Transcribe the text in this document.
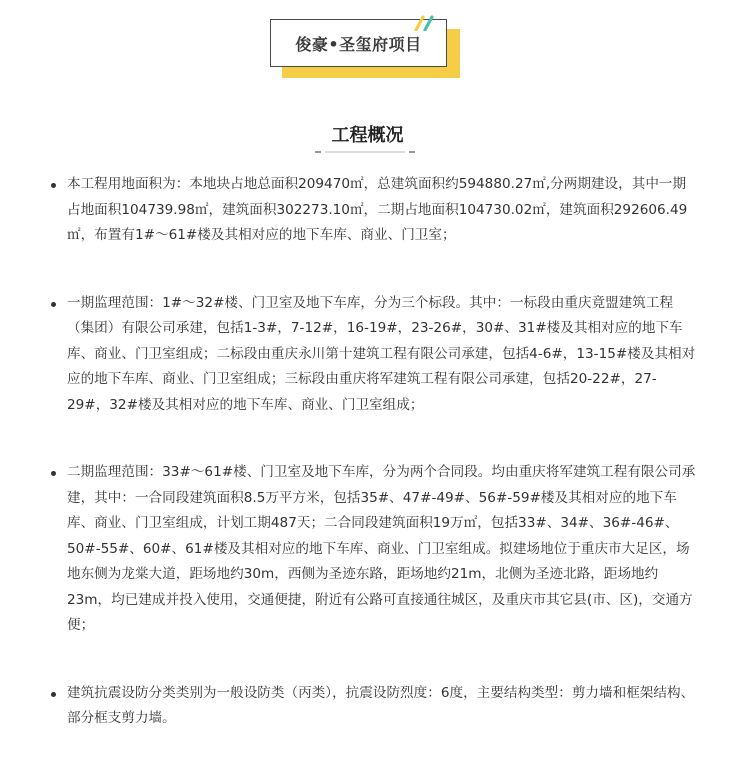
俊豪•圣玺府项目
工程概况
本工程用地面积为：本地块占地总面积209470㎡，总建筑面积约594880.27㎡,分两期建设，其中一期占地面积104739.98㎡，建筑面积302273.10㎡，二期占地面积104730.02㎡，建筑面积292606.49㎡，布置有1#～61#楼及其相对应的地下车库、商业、门卫室；
一期监理范围：1#～32#楼、门卫室及地下车库，分为三个标段。其中：一标段由重庆竟盟建筑工程（集团）有限公司承建，包括1-3#，7-12#，16-19#，23-26#，30#、31#楼及其相对应的地下车库、商业、门卫室组成；二标段由重庆永川第十建筑工程有限公司承建，包括4-6#，13-15#楼及其相对应的地下车库、商业、门卫室组成；三标段由重庆将军建筑工程有限公司承建，包括20-22#，27-29#，32#楼及其相对应的地下车库、商业、门卫室组成；
二期监理范围：33#～61#楼、门卫室及地下车库，分为两个合同段。均由重庆将军建筑工程有限公司承建，其中：一合同段建筑面积8.5万平方米，包括35#、47#-49#、56#-59#楼及其相对应的地下车库、商业、门卫室组成，计划工期487天；二合同段建筑面积19万㎡，包括33#、34#、36#-46#、50#-55#、60#、61#楼及其相对应的地下车库、商业、门卫室组成。拟建场地位于重庆市大足区，场地东侧为龙棠大道，距场地约30m，西侧为圣迹东路，距场地约21m，北侧为圣迹北路，距场地约23m，均已建成并投入使用，交通便捷，附近有公路可直接通往城区，及重庆市其它县(市、区)，交通方便；
建筑抗震设防分类类别为一般设防类（丙类），抗震设防烈度：6度，主要结构类型：剪力墙和框架结构、部分框支剪力墙。
